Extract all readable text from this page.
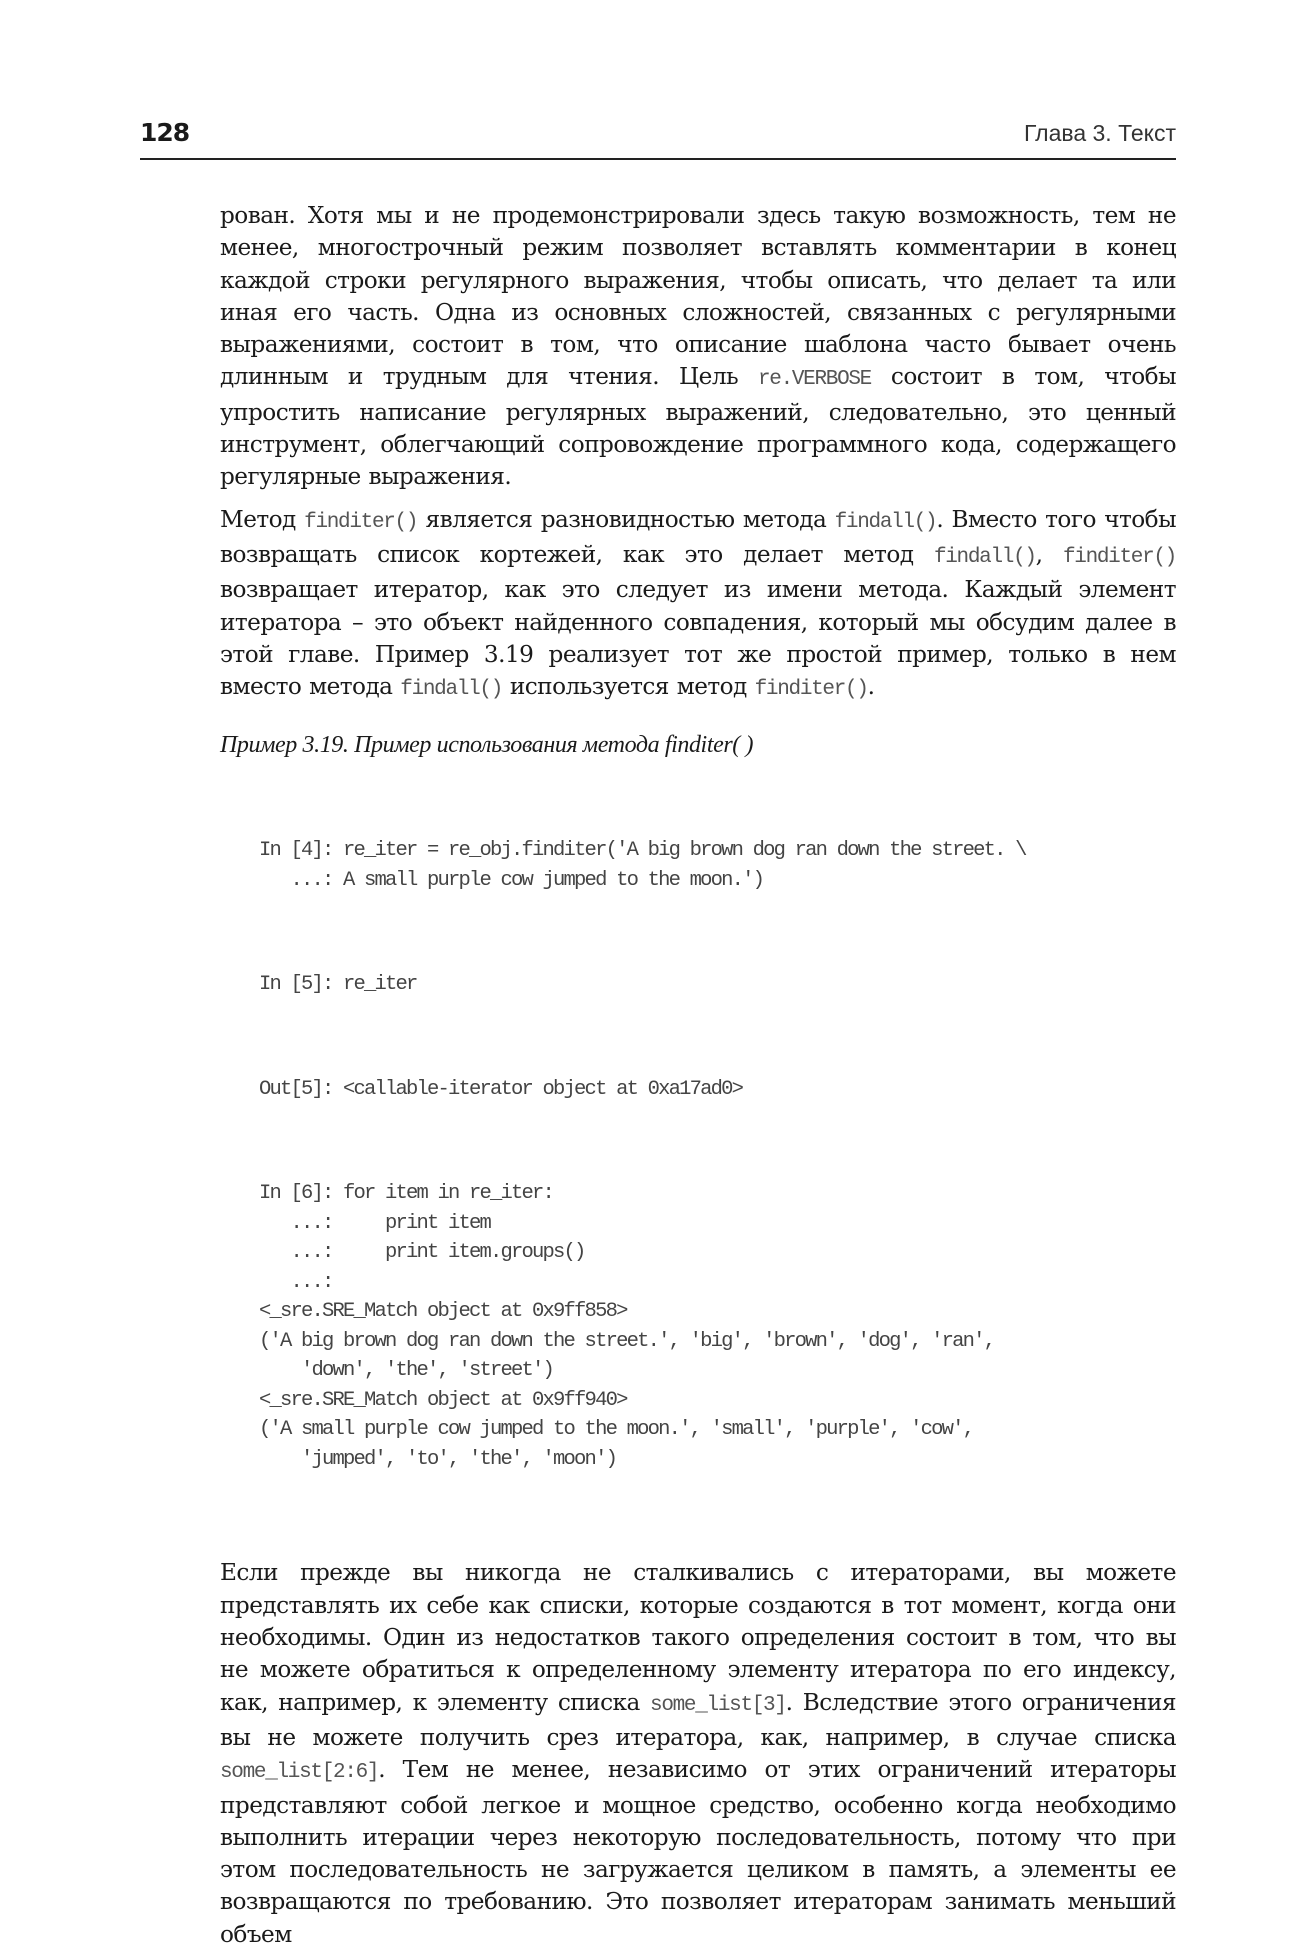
128	Глава 3. Текст

рован. Хотя мы и не продемонстрировали здесь такую возможность, тем не менее, многострочный режим позволяет вставлять комментарии в конец каждой строки регулярного выражения, чтобы описать, что делает та или иная его часть. Одна из основных сложностей, связанных с регулярными выражениями, состоит в том, что описание шаблона часто бывает очень длинным и трудным для чтения. Цель re.VERBOSE состоит в том, чтобы упростить написание регулярных выражений, следовательно, это ценный инструмент, облегчающий сопровождение программного кода, содержащего регулярные выражения.

Метод finditer() является разновидностью метода findall(). Вместо того чтобы возвращать список кортежей, как это делает метод findall(), finditer() возвращает итератор, как это следует из имени метода. Каждый элемент итератора – это объект найденного совпадения, который мы обсудим далее в этой главе. Пример 3.19 реализует тот же простой пример, только в нем вместо метода findall() используется метод finditer().

Пример 3.19. Пример использования метода finditer( )

In [4]: re_iter = re_obj.finditer('A big brown dog ran down the street. \
...: A small purple cow jumped to the moon.')

In [5]: re_iter

Out[5]: <callable-iterator object at 0xa17ad0>

In [6]: for item in re_iter:
...:     print item
...:     print item.groups()
...:
<_sre.SRE_Match object at 0x9ff858>
('A big brown dog ran down the street.', 'big', 'brown', 'dog', 'ran',
'down', 'the', 'street')
<_sre.SRE_Match object at 0x9ff940>
('A small purple cow jumped to the moon.', 'small', 'purple', 'cow',
'jumped', 'to', 'the', 'moon')

Если прежде вы никогда не сталкивались с итераторами, вы можете представлять их себе как списки, которые создаются в тот момент, когда они необходимы. Один из недостатков такого определения состоит в том, что вы не можете обратиться к определенному элементу итератора по его индексу, как, например, к элементу списка some_list[3]. Вследствие этого ограничения вы не можете получить срез итератора, как, например, в случае списка some_list[2:6]. Тем не менее, независимо от этих ограничений итераторы представляют собой легкое и мощное средство, особенно когда необходимо выполнить итерации через некоторую последовательность, потому что при этом последовательность не загружается целиком в память, а элементы ее возвращаются по требованию. Это позволяет итераторам занимать меньший объем
